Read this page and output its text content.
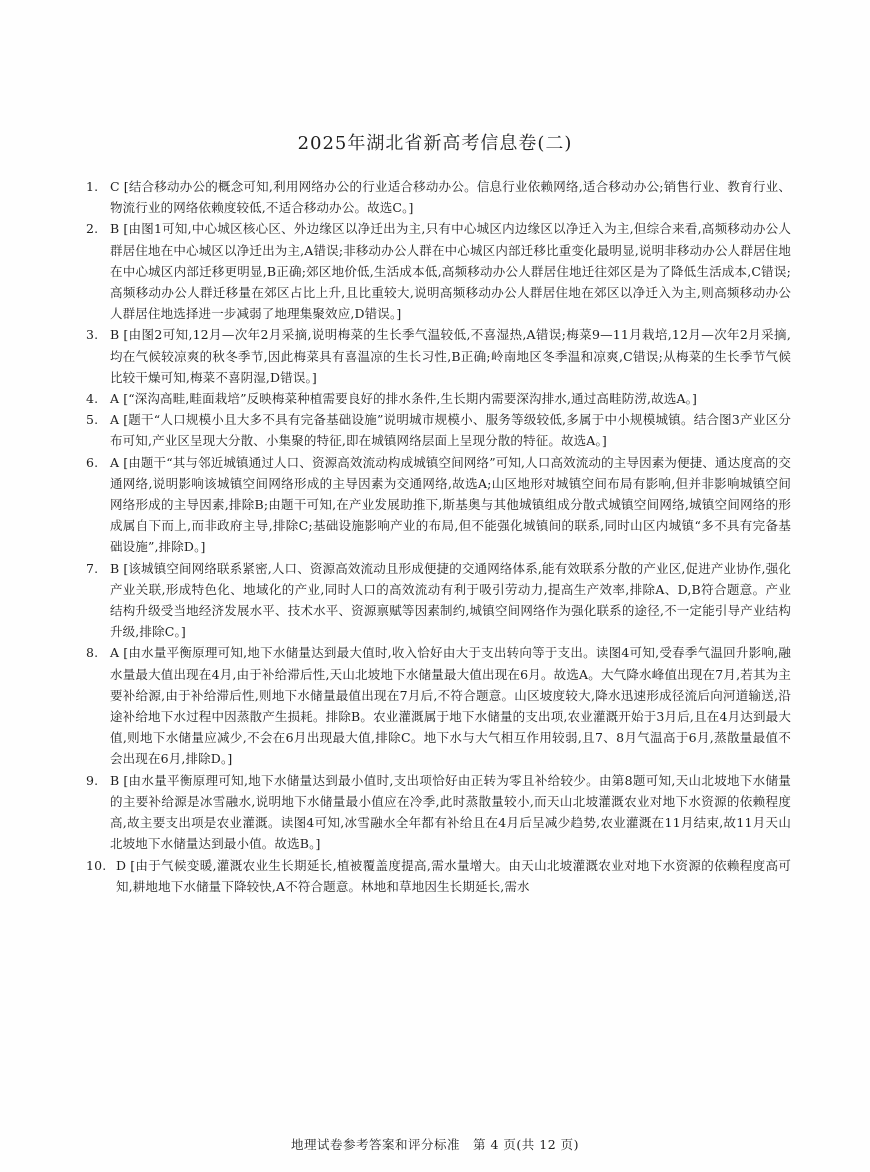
2025年湖北省新高考信息卷(二)
1. C [结合移动办公的概念可知,利用网络办公的行业适合移动办公。信息行业依赖网络,适合移动办公;销售行业、教育行业、物流行业的网络依赖度较低,不适合移动办公。故选C。]
2. B [由图1可知,中心城区核心区、外边缘区以净迁出为主,只有中心城区内边缘区以净迁入为主,但综合来看,高频移动办公人群居住地在中心城区以净迁出为主,A错误;非移动办公人群在中心城区内部迁移比重变化最明显,说明非移动办公人群居住地在中心城区内部迁移更明显,B正确;郊区地价低,生活成本低,高频移动办公人群居住地迁往郊区是为了降低生活成本,C错误;高频移动办公人群迁移量在郊区占比上升,且比重较大,说明高频移动办公人群居住地在郊区以净迁入为主,则高频移动办公人群居住地选择进一步减弱了地理集聚效应,D错误。]
3. B [由图2可知,12月—次年2月采摘,说明梅菜的生长季气温较低,不喜湿热,A错误;梅菜9—11月栽培,12月—次年2月采摘,均在气候较凉爽的秋冬季节,因此梅菜具有喜温凉的生长习性,B正确;岭南地区冬季温和凉爽,C错误;从梅菜的生长季节气候比较干燥可知,梅菜不喜阴湿,D错误。]
4. A [“深沟高畦,畦面栽培”反映梅菜种植需要良好的排水条件,生长期内需要深沟排水,通过高畦防涝,故选A。]
5. A [题干“人口规模小且大多不具有完备基础设施”说明城市规模小、服务等级较低,多属于中小规模城镇。结合图3产业区分布可知,产业区呈现大分散、小集聚的特征,即在城镇网络层面上呈现分散的特征。故选A。]
6. A [由题干“其与邻近城镇通过人口、资源高效流动构成城镇空间网络”可知,人口高效流动的主导因素为便捷、通达度高的交通网络,说明影响该城镇空间网络形成的主导因素为交通网络,故选A;山区地形对城镇空间布局有影响,但并非影响城镇空间网络形成的主导因素,排除B;由题干可知,在产业发展助推下,斯基奥与其他城镇组成分散式城镇空间网络,城镇空间网络的形成属自下而上,而非政府主导,排除C;基础设施影响产业的布局,但不能强化城镇间的联系,同时山区内城镇“多不具有完备基础设施”,排除D。]
7. B [该城镇空间网络联系紧密,人口、资源高效流动且形成便捷的交通网络体系,能有效联系分散的产业区,促进产业协作,强化产业关联,形成特色化、地域化的产业,同时人口的高效流动有利于吸引劳动力,提高生产效率,排除A、D,B符合题意。产业结构升级受当地经济发展水平、技术水平、资源禀赋等因素制约,城镇空间网络作为强化联系的途径,不一定能引导产业结构升级,排除C。]
8. A [由水量平衡原理可知,地下水储量达到最大值时,收入恰好由大于支出转向等于支出。读图4可知,受春季气温回升影响,融水量最大值出现在4月,由于补给滞后性,天山北坡地下水储量最大值出现在6月。故选A。大气降水峰值出现在7月,若其为主要补给源,由于补给滞后性,则地下水储量最值出现在7月后,不符合题意。山区坡度较大,降水迅速形成径流后向河道输送,沿途补给地下水过程中因蒸散产生损耗。排除B。农业灌溉属于地下水储量的支出项,农业灌溉开始于3月后,且在4月达到最大值,则地下水储量应减少,不会在6月出现最大值,排除C。地下水与大气相互作用较弱,且7、8月气温高于6月,蒸散量最值不会出现在6月,排除D。]
9. B [由水量平衡原理可知,地下水储量达到最小值时,支出项恰好由正转为零且补给较少。由第8题可知,天山北坡地下水储量的主要补给源是冰雪融水,说明地下水储量最小值应在冷季,此时蒸散量较小,而天山北坡灌溉农业对地下水资源的依赖程度高,故主要支出项是农业灌溉。读图4可知,冰雪融水全年都有补给且在4月后呈减少趋势,农业灌溉在11月结束,故11月天山北坡地下水储量达到最小值。故选B。]
10. D [由于气候变暖,灌溉农业生长期延长,植被覆盖度提高,需水量增大。由天山北坡灌溉农业对地下水资源的依赖程度高可知,耕地地下水储量下降较快,A不符合题意。林地和草地因生长期延长,需水
地理试卷参考答案和评分标准　第 4 页(共 12 页)
